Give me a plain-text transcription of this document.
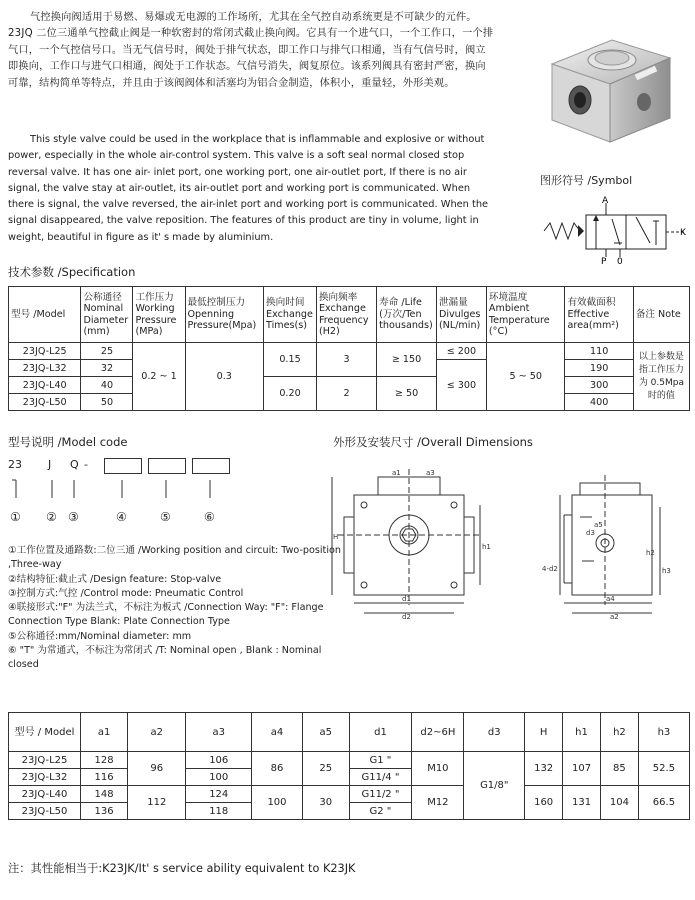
气控换向阀适用于易燃、易爆或无电源的工作场所，尤其在全气控自动系统更是不可缺少的元件。23JQ 二位三通单气控截止阀是一种软密封的常闭式截止换向阀。它具有一个进气口，一个工作口，一个排气口，一个气控信号口。当无气信号时，阀处于排气状态，即工作口与排气口相通，当有气信号时，阀立即换向，工作口与进气口相通，阀处于工作状态。气信号消失，阀复原位。该系列阀具有密封严密，换向可靠，结构简单等特点，并且由于该阀阀体和活塞均为铝合金制造，体积小，重量轻，外形美观。
This style valve could be used in the workplace that is inflammable and explosive or without power, especially in the whole air-control system. This valve is a soft seal normal closed stop reversal valve. It has one air- inlet port, one working port, one air-outlet port, If there is no air signal, the valve stay at air-outlet, its air-outlet port and working port is communicated. When there is signal, the valve reversed, the air-inlet port and working port is communicated. When the signal disappeared, the valve reposition. The features of this product are tiny in volume, light in weight, beautiful in figure as it' s made by aluminium.
图形符号 /Symbol
A
P 0
K
技术参数 /Specification
型号 /Model	公称通径 Nominal Diameter (mm)	工作压力 Working Pressure (MPa)	最低控制压力 Openning Pressure(Mpa)	换向时间 Exchange Times(s)	换向频率 Exchange Frequency (H2)	寿命 /Life (万次/Ten thousands)	泄漏量 Divulges (NL/min)	环境温度 Ambient Temperature (°C)	有效截面积 Effective area(mm²)	备注 Note
23JQ-L25	25	0.2 ~ 1	0.3	0.15	3	≥ 150	≤ 200	5 ~ 50	110	以上参数是指工作压力为 0.5Mpa 时的值
23JQ-L32	32						≤ 300		190	
23JQ-L40	40			0.20	2	≥ 50			300	
23JQ-L50	50								400	
型号说明 /Model code	外形及安装尺寸 /Overall Dimensions
23 J Q -
① ② ③	④	⑤	⑥
①工作位置及通路数:二位三通 /Working position and circuit: Two-position ,Three-way
②结构特征:截止式 /Design feature: Stop-valve
③控制方式:气控 /Control mode: Pneumatic Control
④联接形式:"F" 为法兰式，不标注为板式 /Connection Way: "F": Flange Connection Type Blank: Plate Connection Type
⑤公称通径:mm/Nominal diameter: mm
⑥ "T" 为常通式，不标注为常闭式 /T: Nominal open , Blank : Nominal closed
H
h1
d1
d2
a1	a3
4-d2
d3
a5
a4
a2
h2
h3
型号 / Model	a1	a2	a3	a4	a5	d1	d2~6H	d3	H	h1	h2	h3
23JQ-L25	128	96	106	86	25	G1 "	M10	G1/8"	132	107	85	52.5
23JQ-L32	116		100			G11/4 "						
23JQ-L40	148	112	124	100	30	G11/2 "	M12		160	131	104	66.5
23JQ-L50	136		118			G2 "						
注：其性能相当于:K23JK/It' s service ability equivalent to K23JK
